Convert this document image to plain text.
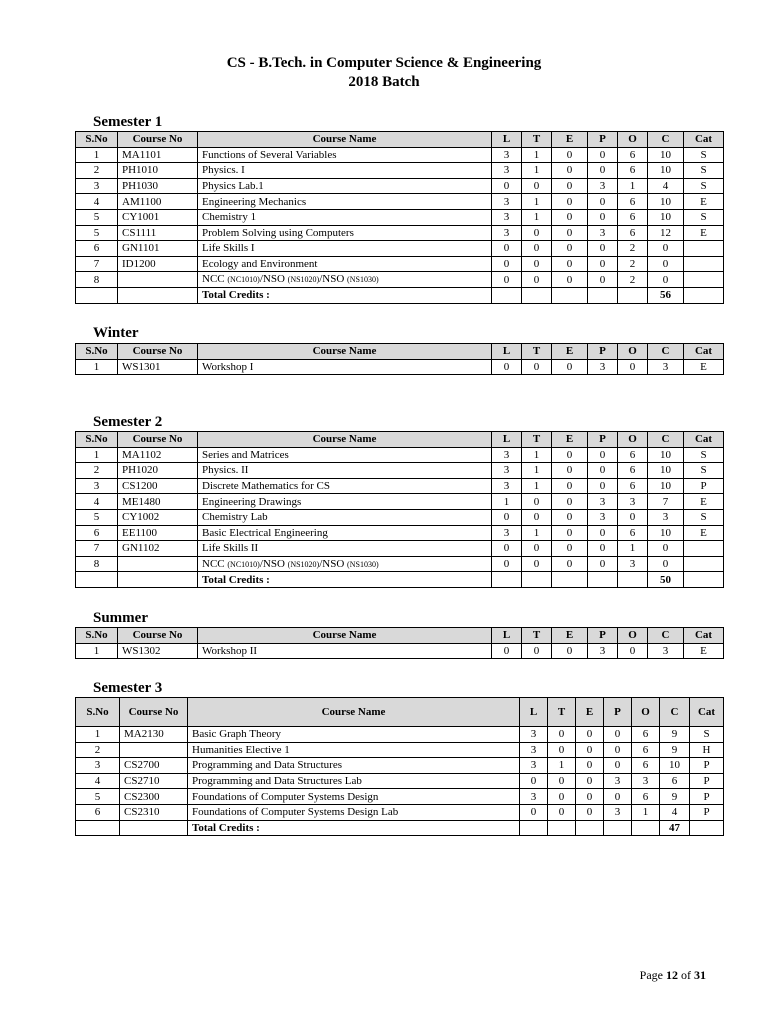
CS - B.Tech. in Computer Science & Engineering
2018 Batch
Semester 1
S.No	Course No	Course Name	L	T	E	P	O	C	Cat
1	MA1101	Functions of Several Variables	3	1	0	0	6	10	S
2	PH1010	Physics. I	3	1	0	0	6	10	S
3	PH1030	Physics Lab.1	0	0	0	3	1	4	S
4	AM1100	Engineering Mechanics	3	1	0	0	6	10	E
5	CY1001	Chemistry 1	3	1	0	0	6	10	S
5	CS1111	Problem Solving using Computers	3	0	0	3	6	12	E
6	GN1101	Life Skills I	0	0	0	0	2	0	
7	ID1200	Ecology and Environment	0	0	0	0	2	0	
8		NCC (NC1010)/NSO (NS1020)/NSO (NS1030)	0	0	0	0	2	0	
		Total Credits :						56	
Winter
S.No	Course No	Course Name	L	T	E	P	O	C	Cat
1	WS1301	Workshop I	0	0	0	3	0	3	E
Semester 2
S.No	Course No	Course Name	L	T	E	P	O	C	Cat
1	MA1102	Series and Matrices	3	1	0	0	6	10	S
2	PH1020	Physics. II	3	1	0	0	6	10	S
3	CS1200	Discrete Mathematics for CS	3	1	0	0	6	10	P
4	ME1480	Engineering Drawings	1	0	0	3	3	7	E
5	CY1002	Chemistry Lab	0	0	0	3	0	3	S
6	EE1100	Basic Electrical Engineering	3	1	0	0	6	10	E
7	GN1102	Life Skills II	0	0	0	0	1	0	
8		NCC (NC1010)/NSO (NS1020)/NSO (NS1030)	0	0	0	0	3	0	
		Total Credits :						50	
Summer
S.No	Course No	Course Name	L	T	E	P	O	C	Cat
1	WS1302	Workshop II	0	0	0	3	0	3	E
Semester 3
S.No	Course No	Course Name	L	T	E	P	O	C	Cat
1	MA2130	Basic Graph Theory	3	0	0	0	6	9	S
2		Humanities Elective 1	3	0	0	0	6	9	H
3	CS2700	Programming and Data Structures	3	1	0	0	6	10	P
4	CS2710	Programming and Data Structures Lab	0	0	0	3	3	6	P
5	CS2300	Foundations of Computer Systems Design	3	0	0	0	6	9	P
6	CS2310	Foundations of Computer Systems Design Lab	0	0	0	3	1	4	P
		Total Credits :						47	
Page 12 of 31
